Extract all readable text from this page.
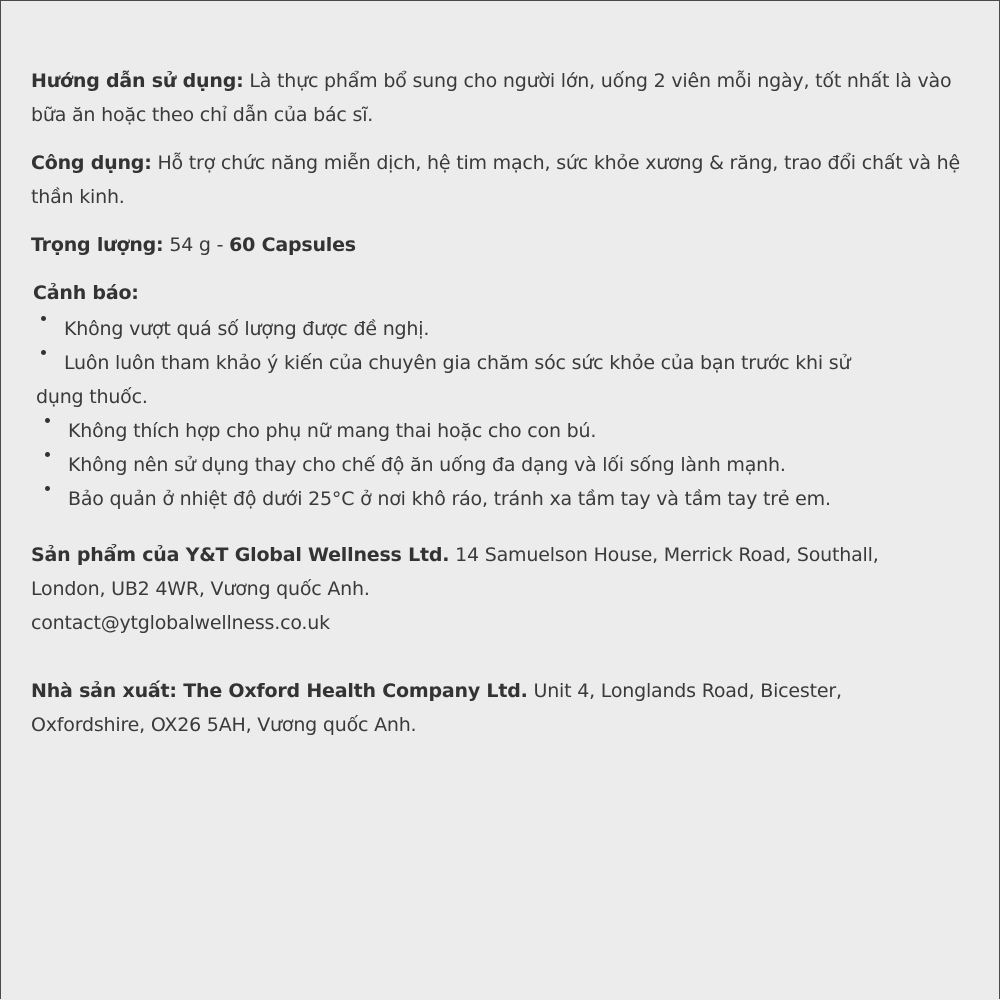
Hướng dẫn sử dụng: Là thực phẩm bổ sung cho người lớn, uống 2 viên mỗi ngày, tốt nhất là vào bữa ăn hoặc theo chỉ dẫn của bác sĩ.

Công dụng: Hỗ trợ chức năng miễn dịch, hệ tim mạch, sức khỏe xương & răng, trao đổi chất và hệ thần kinh.

Trọng lượng: 54 g - 60 Capsules

Cảnh báo:
Không vượt quá số lượng được đề nghị.
Luôn luôn tham khảo ý kiến của chuyên gia chăm sóc sức khỏe của bạn trước khi sử
dụng thuốc.
Không thích hợp cho phụ nữ mang thai hoặc cho con bú.
Không nên sử dụng thay cho chế độ ăn uống đa dạng và lối sống lành mạnh.
Bảo quản ở nhiệt độ dưới 25°C ở nơi khô ráo, tránh xa tầm tay và tầm tay trẻ em.
Sản phẩm của Y&T Global Wellness Ltd. 14 Samuelson House, Merrick Road, Southall,
London, UB2 4WR, Vương quốc Anh.
contact@ytglobalwellness.co.uk
Nhà sản xuất: The Oxford Health Company Ltd. Unit 4, Longlands Road, Bicester,
Oxfordshire, OX26 5AH, Vương quốc Anh.
